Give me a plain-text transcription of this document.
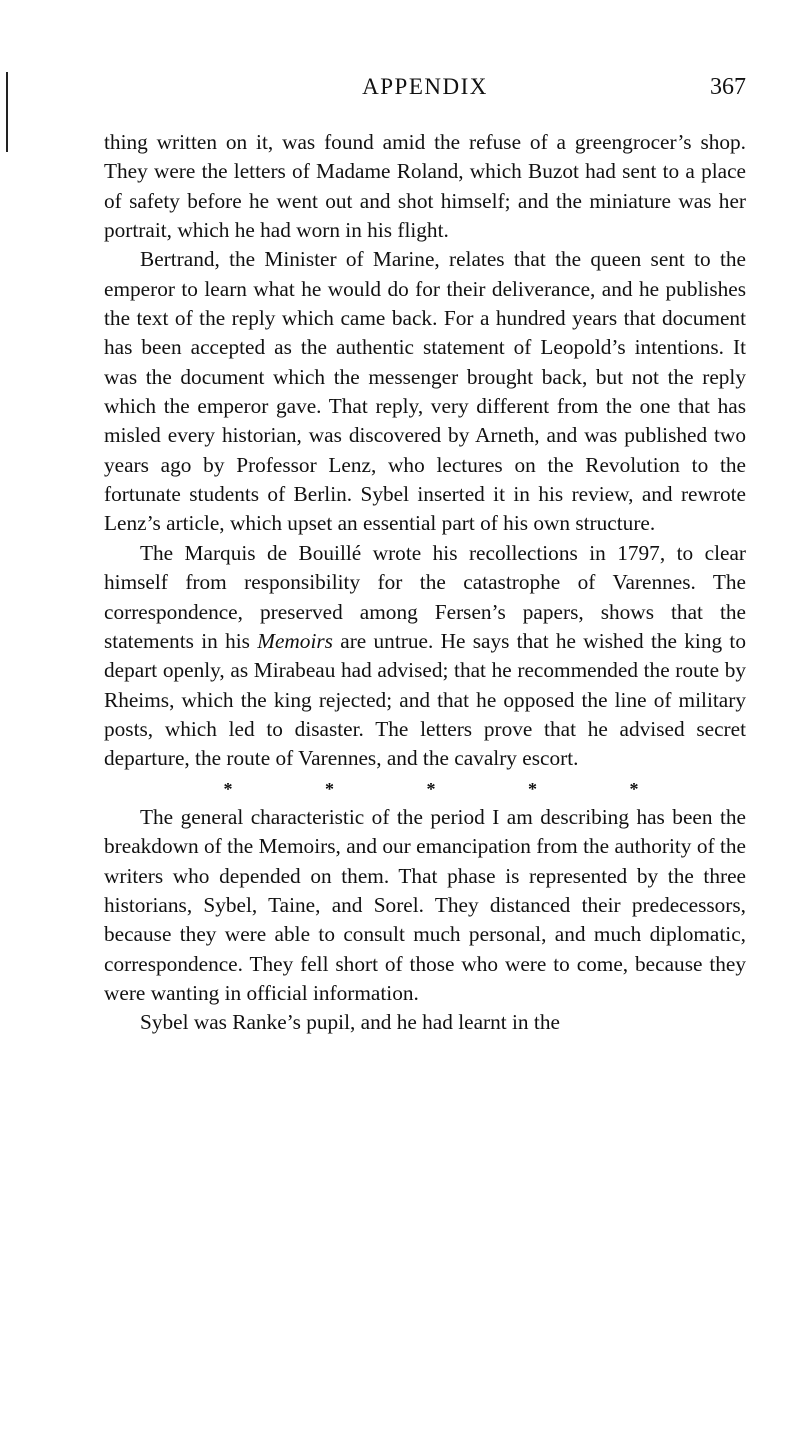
APPENDIX	367

thing written on it, was found amid the refuse of a greengrocer’s shop. They were the letters of Madame Roland, which Buzot had sent to a place of safety before he went out and shot himself; and the miniature was her portrait, which he had worn in his flight.

Bertrand, the Minister of Marine, relates that the queen sent to the emperor to learn what he would do for their deliverance, and he publishes the text of the reply which came back. For a hundred years that document has been accepted as the authentic statement of Leopold’s intentions. It was the document which the messenger brought back, but not the reply which the emperor gave. That reply, very different from the one that has misled every historian, was discovered by Arneth, and was published two years ago by Professor Lenz, who lectures on the Revolution to the fortunate students of Berlin. Sybel inserted it in his review, and rewrote Lenz’s article, which upset an essential part of his own structure.

The Marquis de Bouillé wrote his recollections in 1797, to clear himself from responsibility for the catastrophe of Varennes. The correspondence, preserved among Fersen’s papers, shows that the statements in his Memoirs are untrue. He says that he wished the king to depart openly, as Mirabeau had advised; that he recommended the route by Rheims, which the king rejected; and that he opposed the line of military posts, which led to disaster. The letters prove that he advised secret departure, the route of Varennes, and the cavalry escort.

* * * * *

The general characteristic of the period I am describing has been the breakdown of the Memoirs, and our emancipation from the authority of the writers who depended on them. That phase is represented by the three historians, Sybel, Taine, and Sorel. They distanced their predecessors, because they were able to consult much personal, and much diplomatic, correspondence. They fell short of those who were to come, because they were wanting in official information.

Sybel was Ranke’s pupil, and he had learnt in the
